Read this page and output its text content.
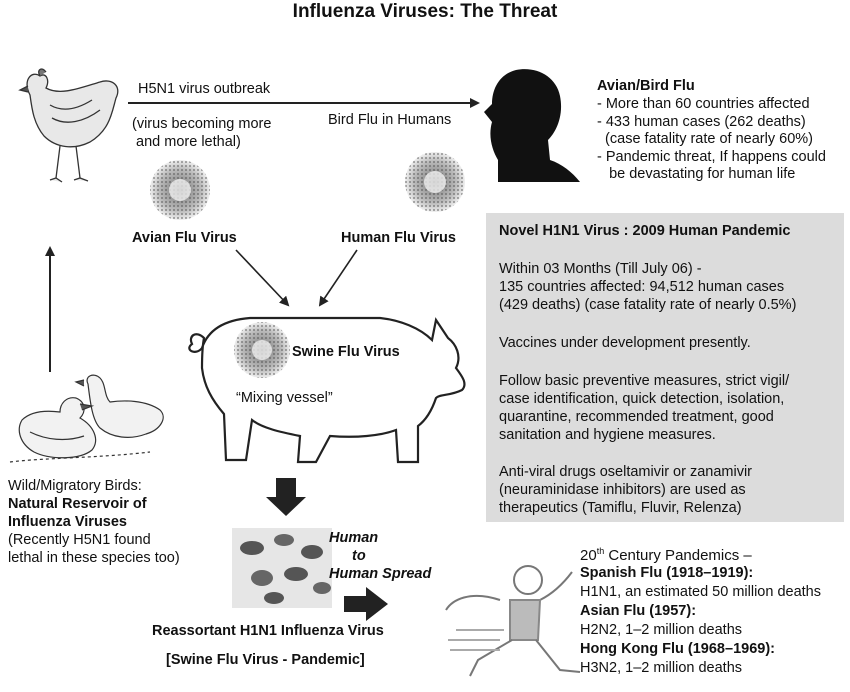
Influenza Viruses: The Threat
H5N1 virus outbreak
(virus becoming more
and more lethal)
Bird Flu in Humans
Avian/Bird Flu
- More than 60 countries affected
- 433 human cases (262 deaths)
(case fatality rate of nearly 60%)
- Pandemic threat, If happens could
be devastating for human life
Avian Flu Virus	Human Flu Virus
Swine Flu Virus
“Mixing vessel”
Novel H1N1 Virus : 2009 Human Pandemic
Within 03 Months (Till July 06) -
135 countries affected: 94,512 human cases
(429 deaths) (case fatality rate of nearly 0.5%)
Vaccines under development presently.
Follow basic preventive measures, strict vigil/
case identification, quick detection, isolation,
quarantine, recommended treatment, good
sanitation and hygiene measures.
Anti-viral drugs oseltamivir or zanamivir
(neuraminidase inhibitors) are used as
therapeutics (Tamiflu, Fluvir, Relenza)
Wild/Migratory Birds:
Natural Reservoir of
Influenza Viruses
(Recently H5N1 found
lethal in these species too)
Human
to
Human Spread
Reassortant H1N1 Influenza Virus
[Swine Flu Virus - Pandemic]
20th Century Pandemics –
Spanish Flu (1918–1919):
H1N1, an estimated 50 million deaths
Asian Flu (1957):
H2N2, 1–2 million deaths
Hong Kong Flu (1968–1969):
H3N2, 1–2 million deaths
